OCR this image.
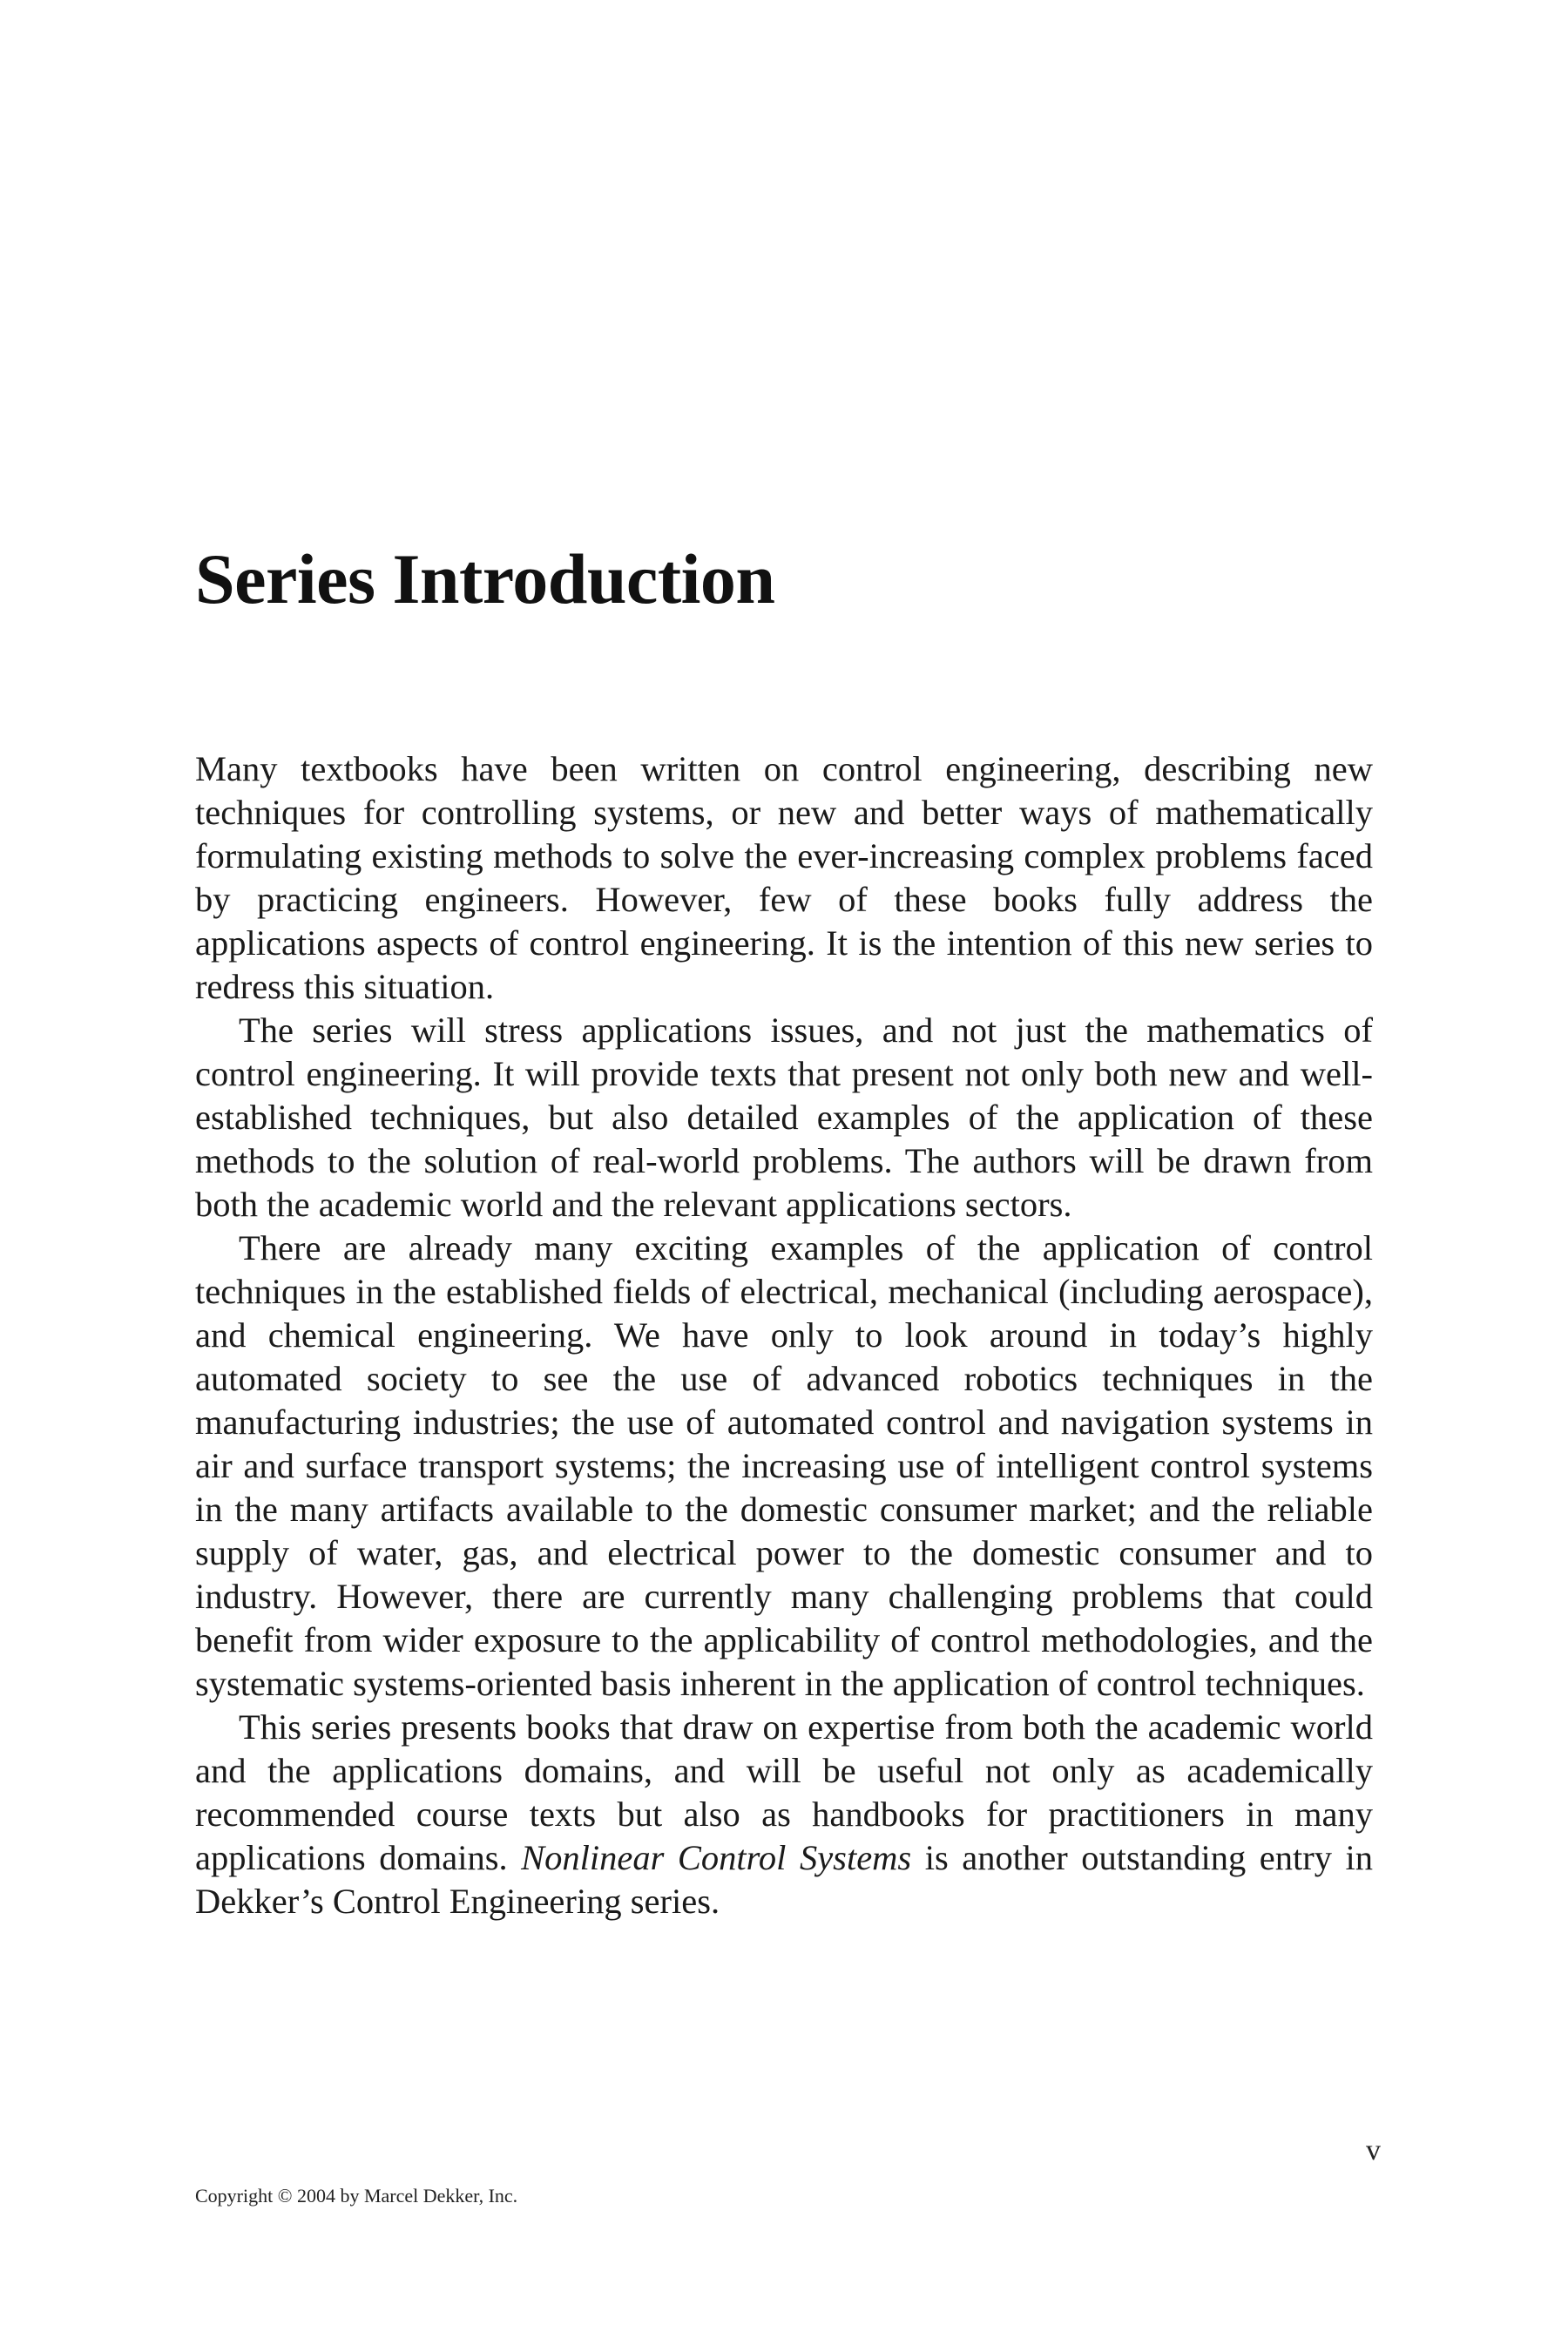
Series Introduction

Many textbooks have been written on control engineering, describing new techniques for controlling systems, or new and better ways of mathematically formulating existing methods to solve the ever-increasing complex problems faced by practicing engineers. However, few of these books fully address the applications aspects of control engineering. It is the intention of this new series to redress this situation.

The series will stress applications issues, and not just the mathematics of control engineering. It will provide texts that present not only both new and well-established techniques, but also detailed examples of the application of these methods to the solution of real-world problems. The authors will be drawn from both the academic world and the relevant applications sectors.

There are already many exciting examples of the application of control techniques in the established fields of electrical, mechanical (including aerospace), and chemical engineering. We have only to look around in today’s highly automated society to see the use of advanced robotics techniques in the manufacturing industries; the use of automated control and navigation systems in air and surface transport systems; the increasing use of intelligent control systems in the many artifacts available to the domestic consumer market; and the reliable supply of water, gas, and electrical power to the domestic consumer and to industry. However, there are currently many challenging problems that could benefit from wider exposure to the applicability of control methodologies, and the systematic systems-oriented basis inherent in the application of control techniques.

This series presents books that draw on expertise from both the academic world and the applications domains, and will be useful not only as academically recommended course texts but also as handbooks for practitioners in many applications domains. Nonlinear Control Systems is another outstanding entry in Dekker’s Control Engineering series.

v
Copyright © 2004 by Marcel Dekker, Inc.
